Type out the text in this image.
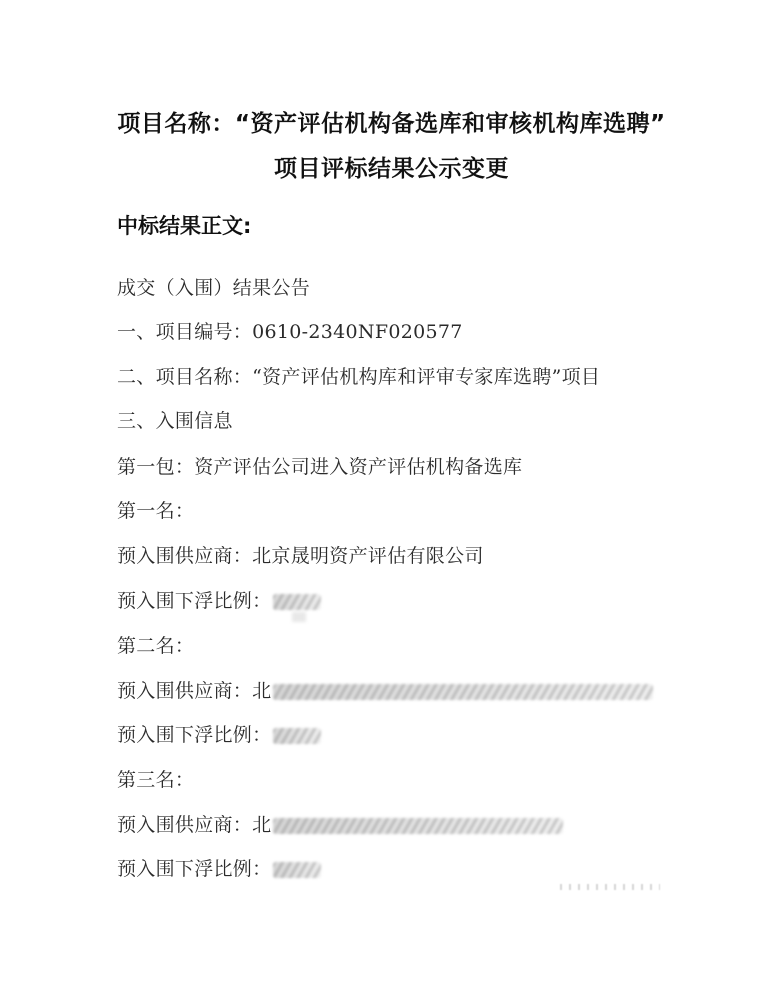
项目名称：“资产评估机构备选库和审核机构库选聘”
项目评标结果公示变更
中标结果正文:
成交（入围）结果公告
一、项目编号：0610-2340NF020577
二、项目名称：“资产评估机构库和评审专家库选聘”项目
三、入围信息
第一包：资产评估公司进入资产评估机构备选库
第一名：
预入围供应商：北京晟明资产评估有限公司
预入围下浮比例：
第二名：
预入围供应商：北
预入围下浮比例：
第三名：
预入围供应商：北
预入围下浮比例：
